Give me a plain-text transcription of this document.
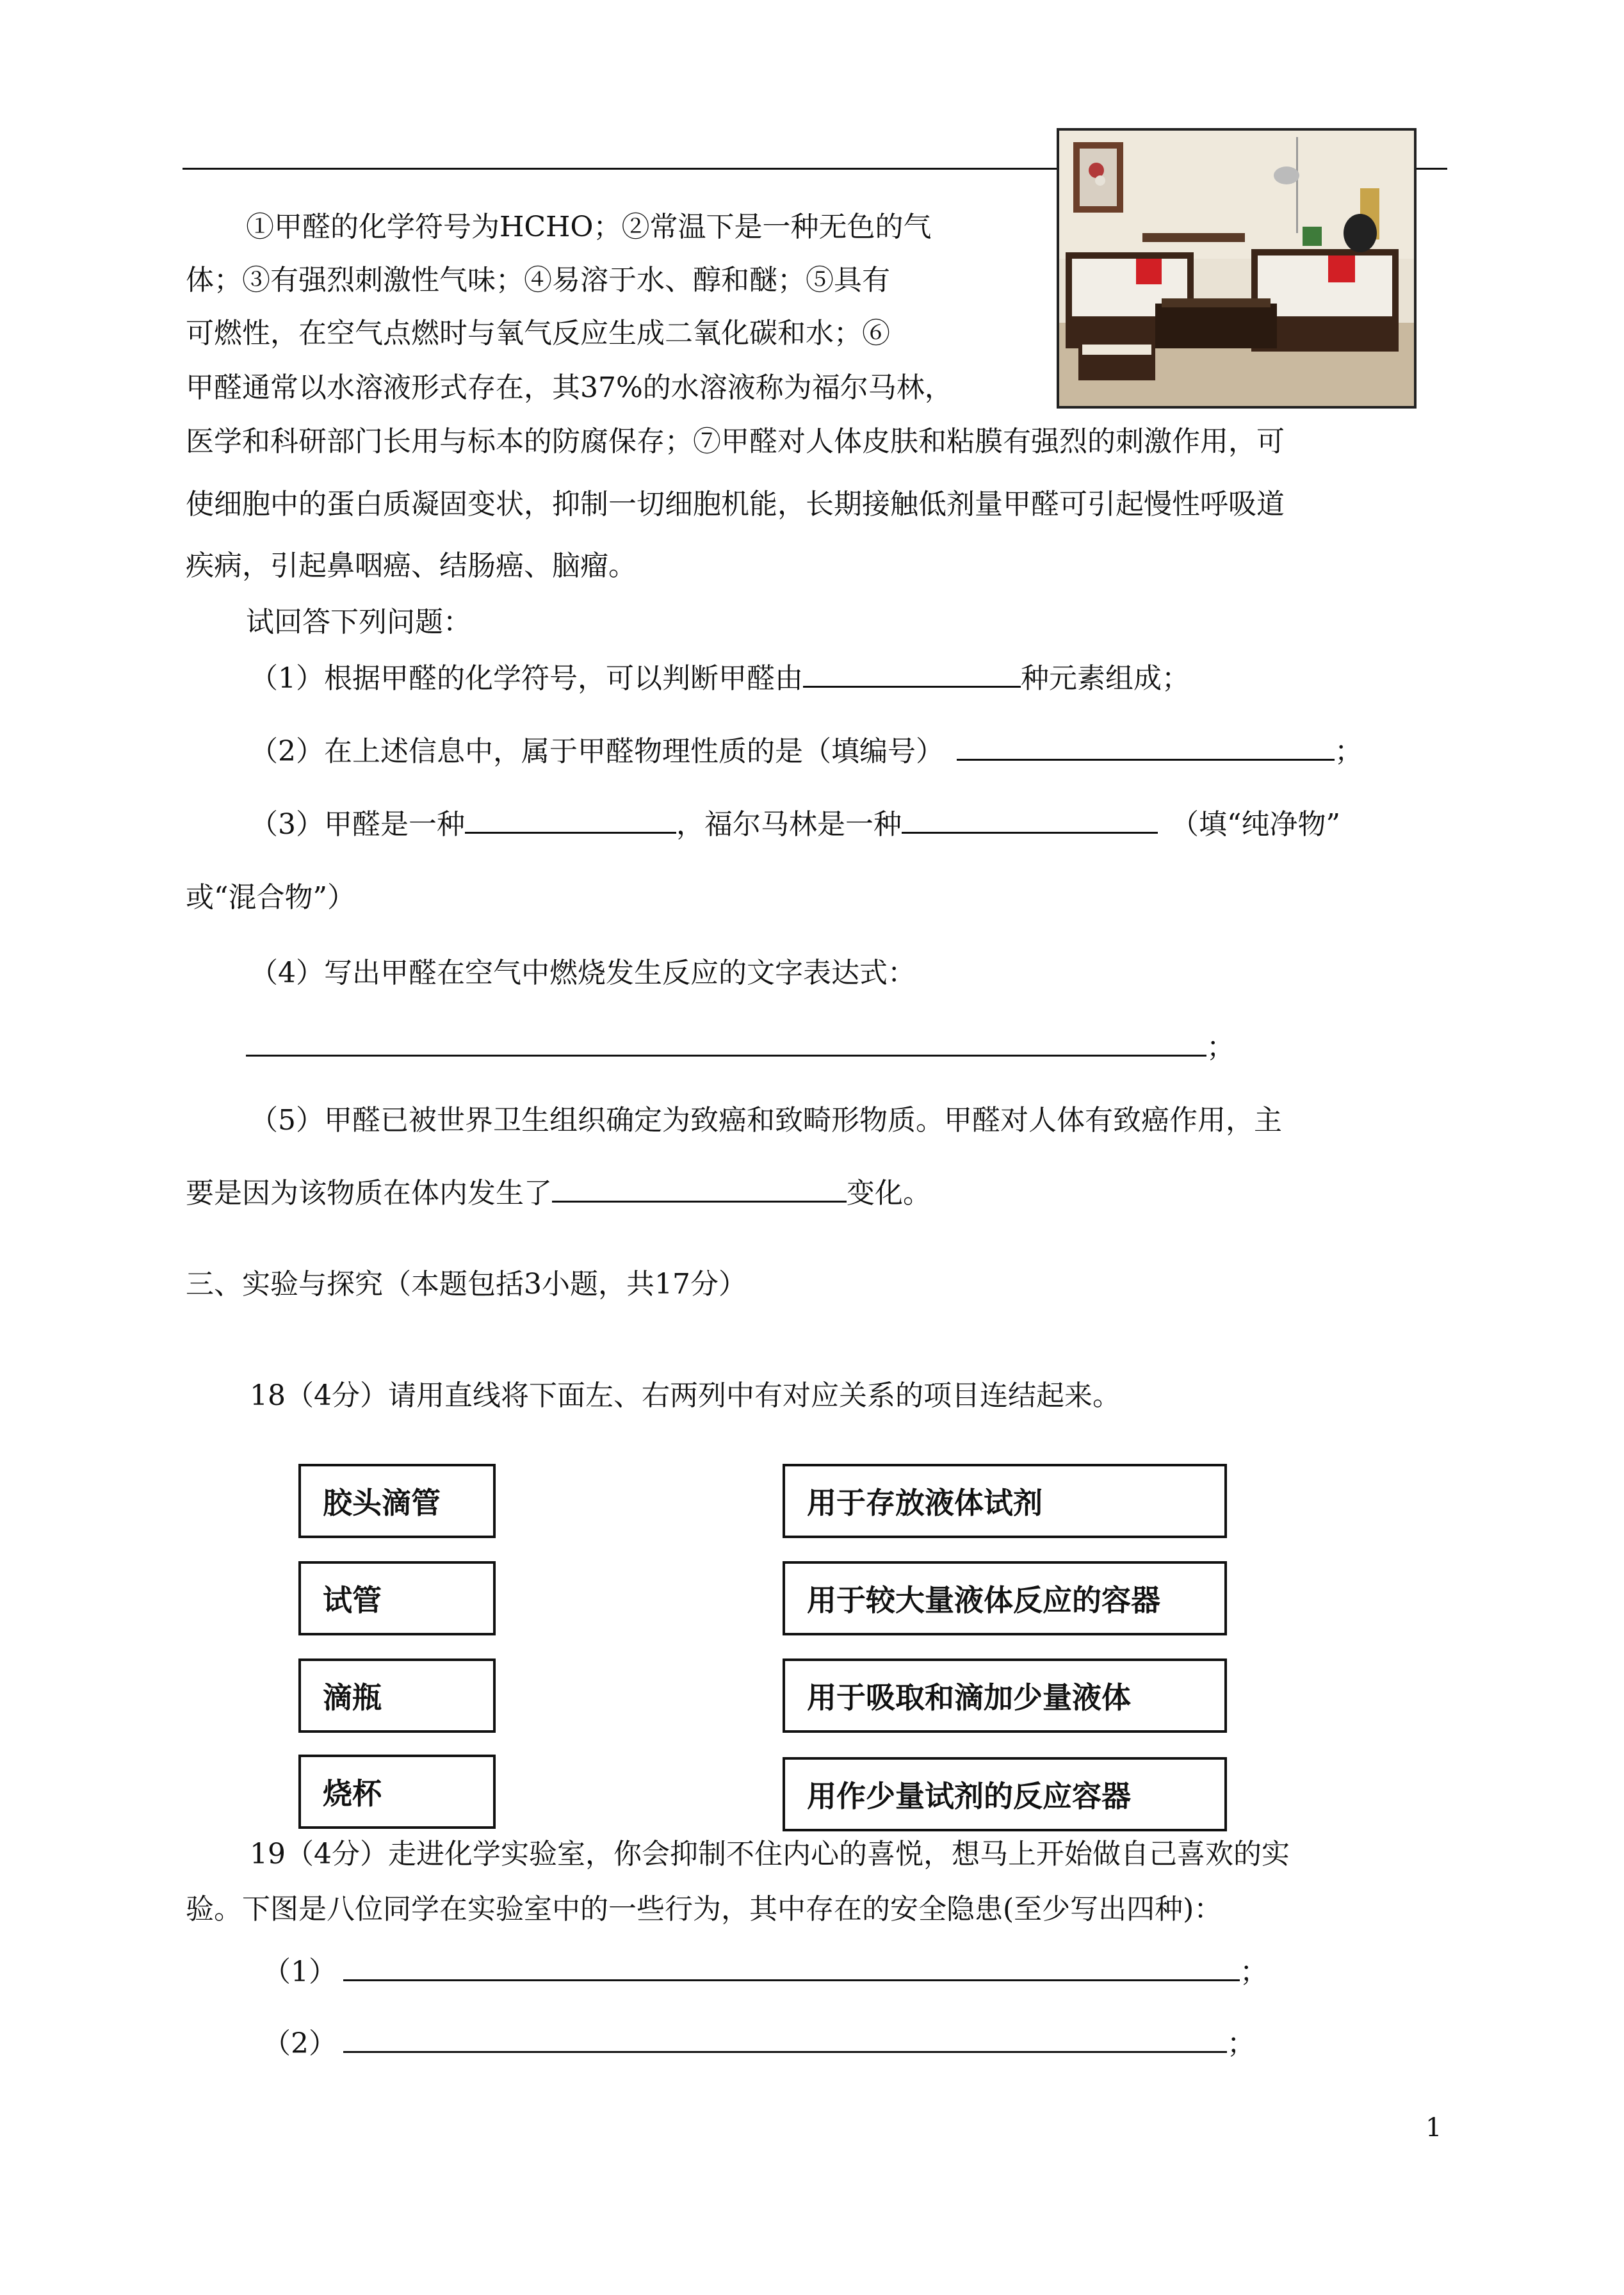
①甲醛的化学符号为HCHO；②常温下是一种无色的气
体；③有强烈刺激性气味；④易溶于水、醇和醚；⑤具有
可燃性，在空气点燃时与氧气反应生成二氧化碳和水；⑥
甲醛通常以水溶液形式存在，其37%的水溶液称为福尔马林，
医学和科研部门长用与标本的防腐保存；⑦甲醛对人体皮肤和粘膜有强烈的刺激作用，可
使细胞中的蛋白质凝固变状，抑制一切细胞机能，长期接触低剂量甲醛可引起慢性呼吸道
疾病，引起鼻咽癌、结肠癌、脑瘤。
试回答下列问题：
（1）根据甲醛的化学符号，可以判断甲醛由	种元素组成；
（2）在上述信息中，属于甲醛物理性质的是（填编号）	；
（3）甲醛是一种	，福尔马林是一种	（填“纯净物”
或“混合物”）
（4）写出甲醛在空气中燃烧发生反应的文字表达式：
；
（5）甲醛已被世界卫生组织确定为致癌和致畸形物质。甲醛对人体有致癌作用，主
要是因为该物质在体内发生了	变化。
三、实验与探究（本题包括3小题，共17分）
18（4分）请用直线将下面左、右两列中有对应关系的项目连结起来。
胶头滴管
试管
滴瓶
烧杯
用于存放液体试剂
用于较大量液体反应的容器
用于吸取和滴加少量液体
用作少量试剂的反应容器
19（4分）走进化学实验室，你会抑制不住内心的喜悦，想马上开始做自己喜欢的实
验。下图是八位同学在实验室中的一些行为，其中存在的安全隐患(至少写出四种)：
（1）	；
（2）	；
1
